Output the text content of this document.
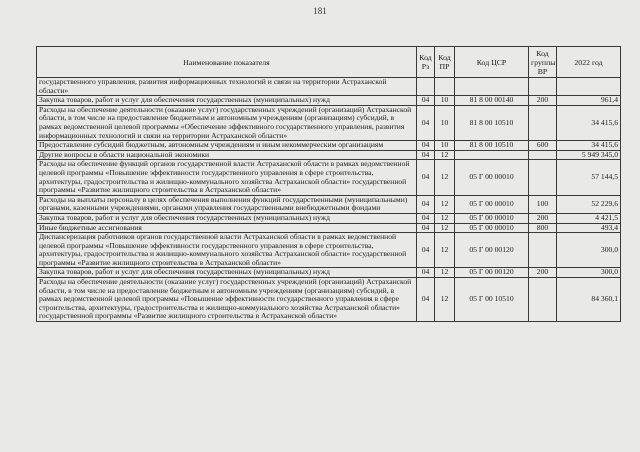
181
Наименование показателя	Код Рз	Код ПР	Код ЦСР	Код группы ВР	2022 год
государственного управления, развития информационных технологий и связи на территории Астраханской области»					
Закупка товаров, работ и услуг для обеспечения государственных (муниципальных) нужд	04	10	81 8 00 00140	200	961,4
Расходы на обеспечение деятельности (оказание услуг) государственных учреждений (организаций) Астраханской области, в том числе на предоставление бюджетным и автономным учреждениям (организациям) субсидий, в рамках ведомственной целевой программы «Обеспечение эффективного государственного управления, развития информационных технологий и связи на территории Астраханской области»	04	10	81 8 00 10510		34 415,6
Предоставление субсидий бюджетным, автономным учреждениям и иным некоммерческим организациям	04	10	81 8 00 10510	600	34 415,6
Другие вопросы в области национальной экономики	04	12			5 949 345,0
Расходы на обеспечение функций органов государственной власти Астраханской области в рамках ведомственной целевой программы «Повышение эффективности государственного управления в сфере строительства, архитектуры, градостроительства и жилищно-коммунального хозяйства Астраханской области» государственной программы «Развитие жилищного строительства в Астраханской области»	04	12	05 Г 00 00010		57 144,5
Расходы на выплаты персоналу в целях обеспечения выполнения функций государственными (муниципальными) органами, казенными учреждениями, органами управления государственными внебюджетными фондами	04	12	05 Г 00 00010	100	52 229,6
Закупка товаров, работ и услуг для обеспечения государственных (муниципальных) нужд	04	12	05 Г 00 00010	200	4 421,5
Иные бюджетные ассигнования	04	12	05 Г 00 00010	800	493,4
Диспансеризация работников органов государственной власти Астраханской области в рамках ведомственной целевой программы «Повышение эффективности государственного управления в сфере строительства, архитектуры, градостроительства и жилищно-коммунального хозяйства Астраханской области» государственной программы «Развитие жилищного строительства в Астраханской области»	04	12	05 Г 00 00120		300,0
Закупка товаров, работ и услуг для обеспечения государственных (муниципальных) нужд	04	12	05 Г 00 00120	200	300,0
Расходы на обеспечение деятельности (оказание услуг) государственных учреждений (организаций) Астраханской области, в том числе на предоставление бюджетным и автономным учреждениям (организациям) субсидий, в рамках ведомственной целевой программы «Повышение эффективности государственного управления в сфере строительства, архитектуры, градостроительства и жилищно-коммунального хозяйства Астраханской области» государственной программы «Развитие жилищного строительства в Астраханской области»	04	12	05 Г 00 10510		84 360,1
